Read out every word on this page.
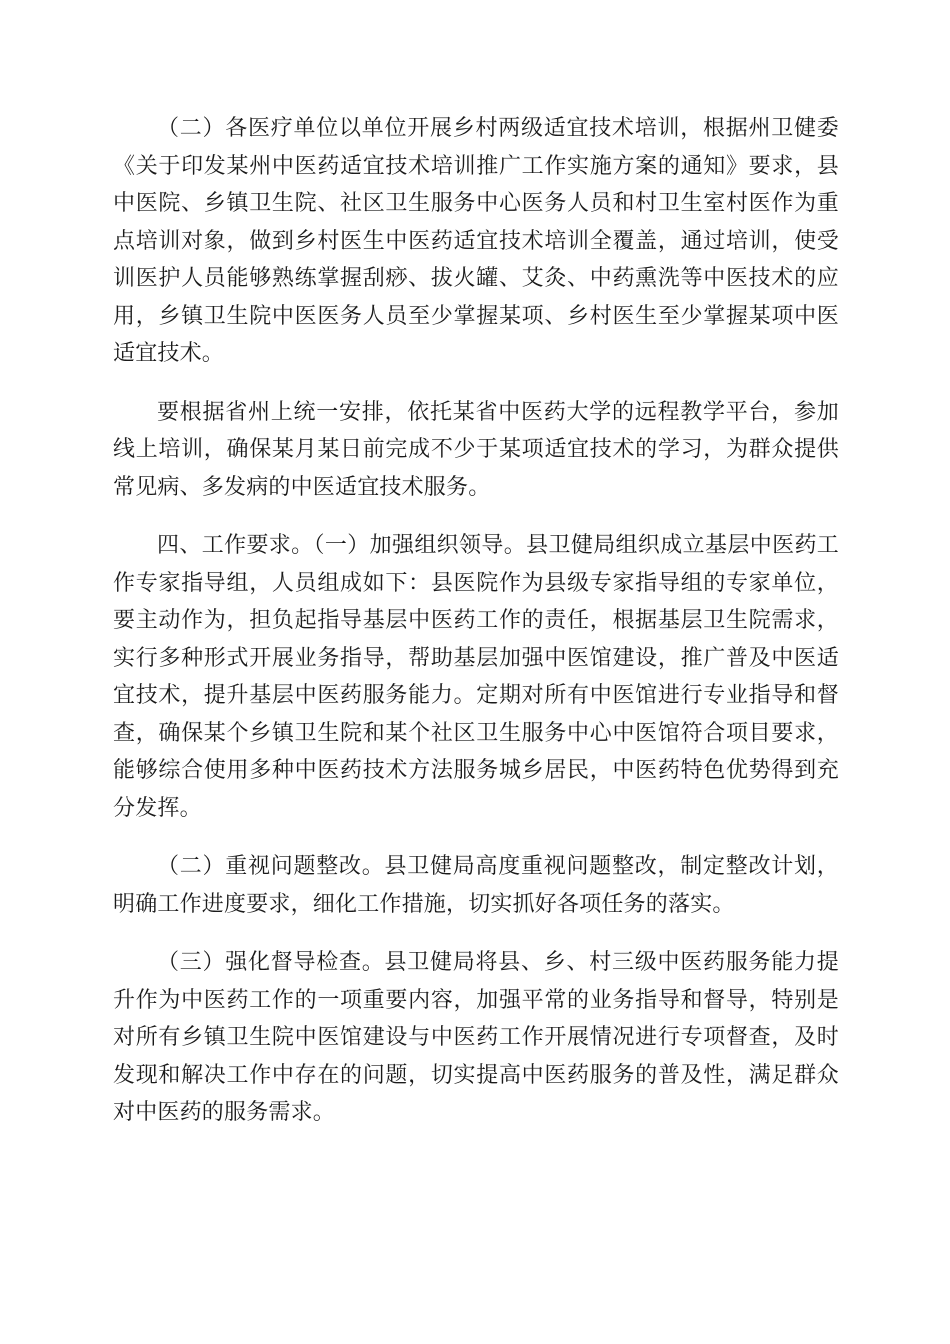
（二）各医疗单位以单位开展乡村两级适宜技术培训，根据州卫健委《关于印发某州中医药适宜技术培训推广工作实施方案的通知》要求，县中医院、乡镇卫生院、社区卫生服务中心医务人员和村卫生室村医作为重点培训对象，做到乡村医生中医药适宜技术培训全覆盖，通过培训，使受训医护人员能够熟练掌握刮痧、拔火罐、艾灸、中药熏洗等中医技术的应用，乡镇卫生院中医医务人员至少掌握某项、乡村医生至少掌握某项中医适宜技术。

要根据省州上统一安排，依托某省中医药大学的远程教学平台，参加线上培训，确保某月某日前完成不少于某项适宜技术的学习，为群众提供常见病、多发病的中医适宜技术服务。

四、工作要求。（一）加强组织领导。县卫健局组织成立基层中医药工作专家指导组，人员组成如下：县医院作为县级专家指导组的专家单位，要主动作为，担负起指导基层中医药工作的责任，根据基层卫生院需求，实行多种形式开展业务指导，帮助基层加强中医馆建设，推广普及中医适宜技术，提升基层中医药服务能力。定期对所有中医馆进行专业指导和督查，确保某个乡镇卫生院和某个社区卫生服务中心中医馆符合项目要求，能够综合使用多种中医药技术方法服务城乡居民，中医药特色优势得到充分发挥。

（二）重视问题整改。县卫健局高度重视问题整改，制定整改计划，明确工作进度要求，细化工作措施，切实抓好各项任务的落实。

（三）强化督导检查。县卫健局将县、乡、村三级中医药服务能力提升作为中医药工作的一项重要内容，加强平常的业务指导和督导，特别是对所有乡镇卫生院中医馆建设与中医药工作开展情况进行专项督查，及时发现和解决工作中存在的问题，切实提高中医药服务的普及性，满足群众对中医药的服务需求。
